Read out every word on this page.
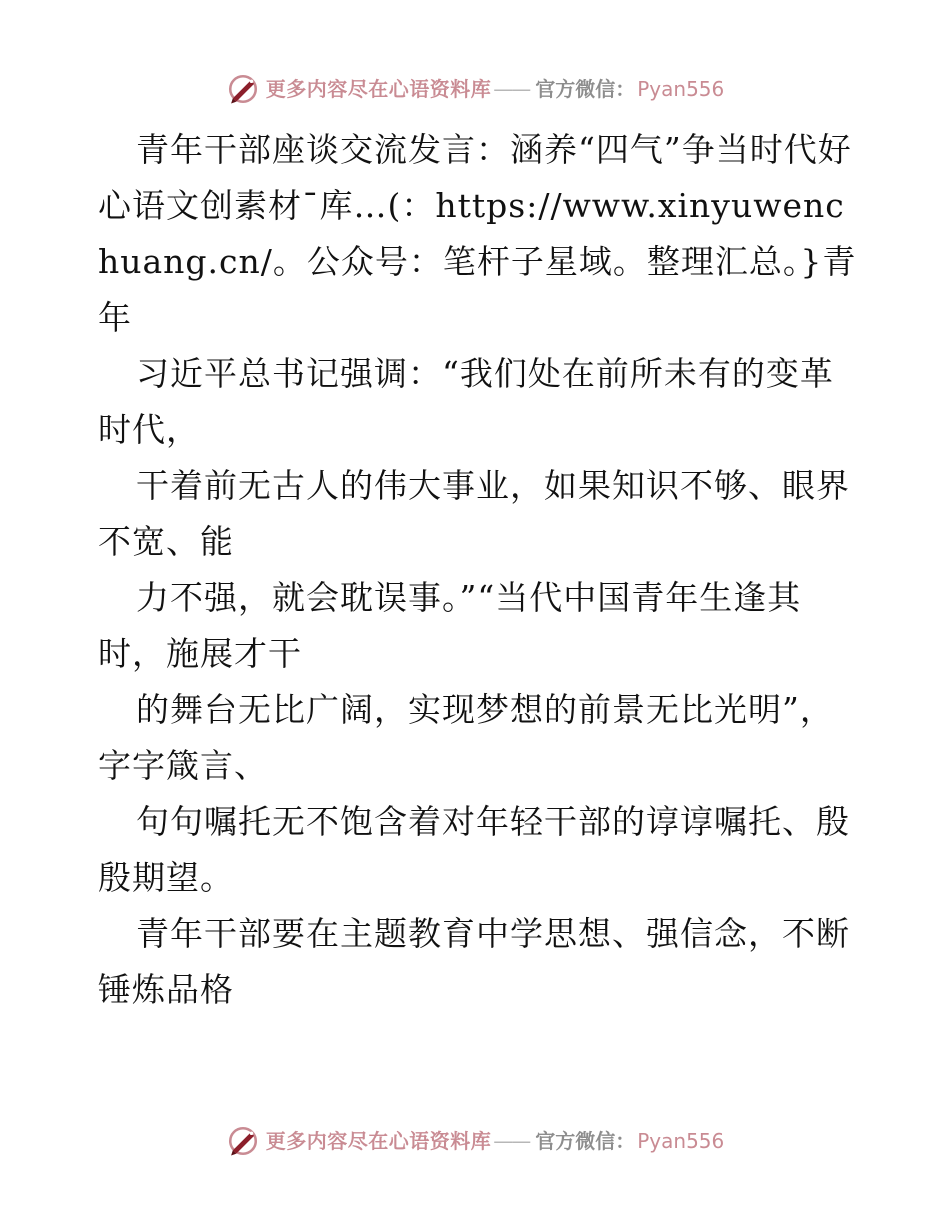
更多内容尽在心语资料库 —— 官方微信： Pyan556

青年干部座谈交流发言：涵养“四气”争当时代好心语文创素材¯库…(：https://www.xinyuwenchuang.cn/。公众号：笔杆子星域。整理汇总。}青年

习近平总书记强调：“我们处在前所未有的变革时代，

干着前无古人的伟大事业，如果知识不够、眼界不宽、能

力不强，就会耽误事。”“当代中国青年生逢其时，施展才干

的舞台无比广阔，实现梦想的前景无比光明”，字字箴言、

句句嘱托无不饱含着对年轻干部的谆谆嘱托、殷殷期望。

青年干部要在主题教育中学思想、强信念，不断锤炼品格

更多内容尽在心语资料库 —— 官方微信： Pyan556
